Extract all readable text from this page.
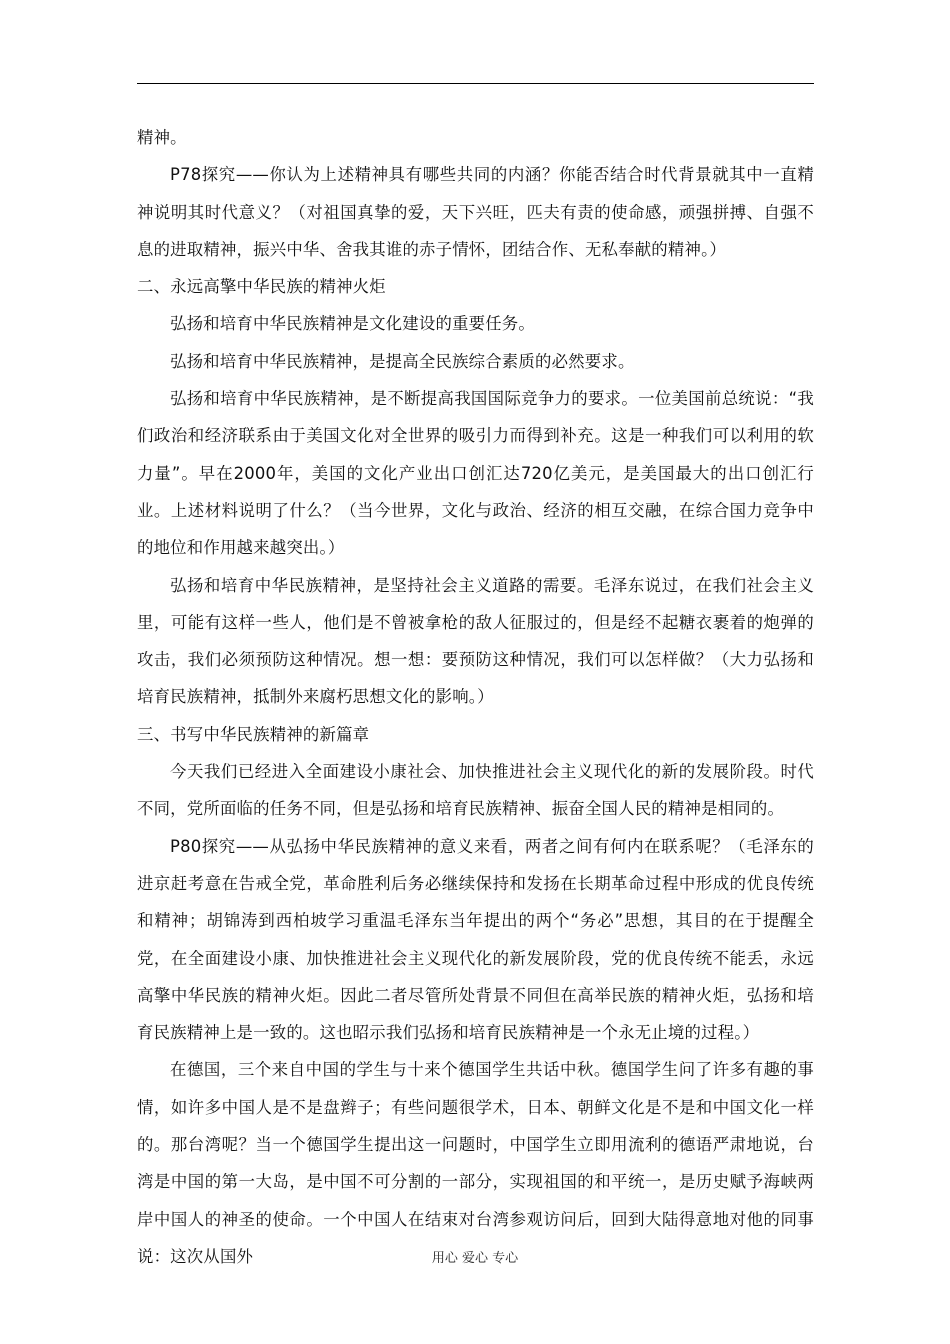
精神。

P78探究——你认为上述精神具有哪些共同的内涵？你能否结合时代背景就其中一直精神说明其时代意义？（对祖国真挚的爱，天下兴旺，匹夫有责的使命感，顽强拼搏、自强不息的进取精神，振兴中华、舍我其谁的赤子情怀，团结合作、无私奉献的精神。）

二、永远高擎中华民族的精神火炬

弘扬和培育中华民族精神是文化建设的重要任务。

弘扬和培育中华民族精神，是提高全民族综合素质的必然要求。

弘扬和培育中华民族精神，是不断提高我国国际竞争力的要求。一位美国前总统说：“我们政治和经济联系由于美国文化对全世界的吸引力而得到补充。这是一种我们可以利用的软力量”。早在2000年，美国的文化产业出口创汇达720亿美元，是美国最大的出口创汇行业。上述材料说明了什么？（当今世界，文化与政治、经济的相互交融，在综合国力竞争中的地位和作用越来越突出。）

弘扬和培育中华民族精神，是坚持社会主义道路的需要。毛泽东说过，在我们社会主义里，可能有这样一些人，他们是不曾被拿枪的敌人征服过的，但是经不起糖衣裹着的炮弹的攻击，我们必须预防这种情况。想一想：要预防这种情况，我们可以怎样做？（大力弘扬和培育民族精神，抵制外来腐朽思想文化的影响。）

三、书写中华民族精神的新篇章

今天我们已经进入全面建设小康社会、加快推进社会主义现代化的新的发展阶段。时代不同，党所面临的任务不同，但是弘扬和培育民族精神、振奋全国人民的精神是相同的。

P80探究——从弘扬中华民族精神的意义来看，两者之间有何内在联系呢？（毛泽东的进京赶考意在告戒全党，革命胜利后务必继续保持和发扬在长期革命过程中形成的优良传统和精神；胡锦涛到西柏坡学习重温毛泽东当年提出的两个“务必”思想，其目的在于提醒全党，在全面建设小康、加快推进社会主义现代化的新发展阶段，党的优良传统不能丢，永远高擎中华民族的精神火炬。因此二者尽管所处背景不同但在高举民族的精神火炬，弘扬和培育民族精神上是一致的。这也昭示我们弘扬和培育民族精神是一个永无止境的过程。）

在德国，三个来自中国的学生与十来个德国学生共话中秋。德国学生问了许多有趣的事情，如许多中国人是不是盘辫子；有些问题很学术，日本、朝鲜文化是不是和中国文化一样的。那台湾呢？当一个德国学生提出这一问题时，中国学生立即用流利的德语严肃地说，台湾是中国的第一大岛，是中国不可分割的一部分，实现祖国的和平统一，是历史赋予海峡两岸中国人的神圣的使命。一个中国人在结束对台湾参观访问后，回到大陆得意地对他的同事说：这次从国外	用心 爱心 专心
